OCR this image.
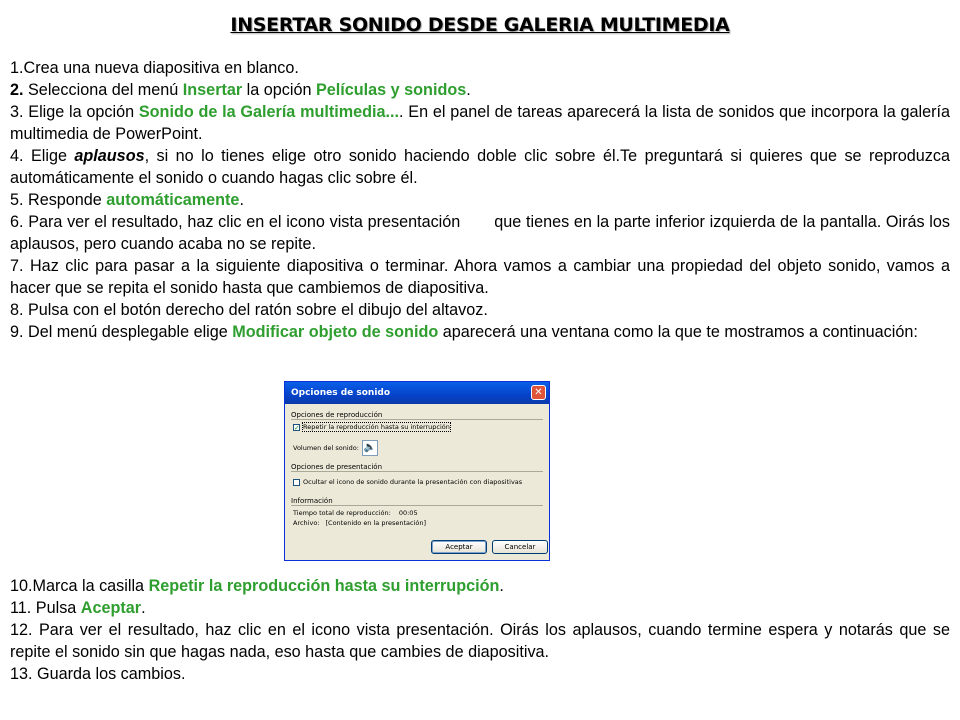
INSERTAR SONIDO DESDE GALERIA MULTIMEDIA

1.Crea una nueva diapositiva en blanco.

2. Selecciona del menú Insertar la opción Películas y sonidos.

3. Elige la opción Sonido de la Galería multimedia.... En el panel de tareas aparecerá la lista de sonidos que incorpora la galería multimedia de PowerPoint.

4. Elige aplausos, si no lo tienes elige otro sonido haciendo doble clic sobre él.Te preguntará si quieres que se reproduzca automáticamente el sonido o cuando hagas clic sobre él.

5. Responde automáticamente.

6. Para ver el resultado, haz clic en el icono vista presentación que tienes en la parte inferior izquierda de la pantalla. Oirás los aplausos, pero cuando acaba no se repite.

7. Haz clic para pasar a la siguiente diapositiva o terminar. Ahora vamos a cambiar una propiedad del objeto sonido, vamos a hacer que se repita el sonido hasta que cambiemos de diapositiva.

8. Pulsa con el botón derecho del ratón sobre el dibujo del altavoz.

9. Del menú desplegable elige Modificar objeto de sonido aparecerá una ventana como la que te mostramos a continuación:

Opciones de sonido	✕
Opciones de reproducción
✓ Repetir la reproducción hasta su interrupción
Volumen del sonido: 🔈
Opciones de presentación
Ocultar el icono de sonido durante la presentación con diapositivas
Información
Tiempo total de reproducción: 00:05
Archivo: [Contenido en la presentación]
Aceptar	Cancelar

10.Marca la casilla Repetir la reproducción hasta su interrupción.

11. Pulsa Aceptar.

12. Para ver el resultado, haz clic en el icono vista presentación. Oirás los aplausos, cuando termine espera y notarás que se repite el sonido sin que hagas nada, eso hasta que cambies de diapositiva.

13. Guarda los cambios.
